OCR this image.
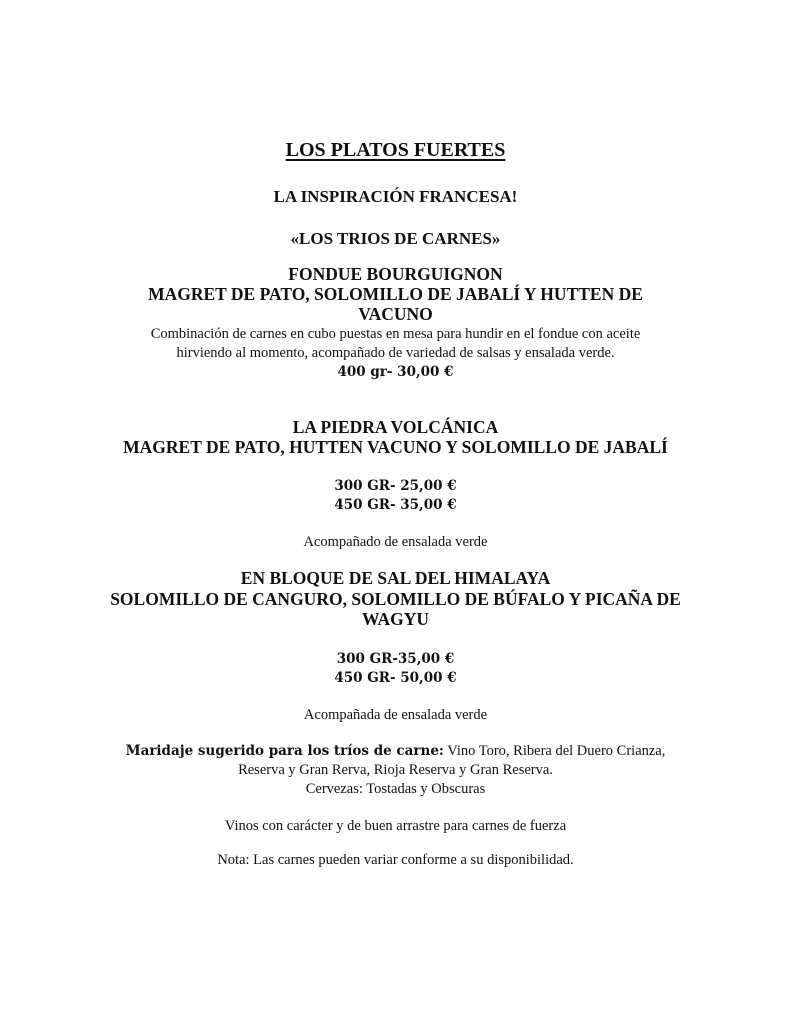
LOS PLATOS FUERTES
LA INSPIRACIÓN FRANCESA!
«LOS TRIOS DE CARNES»
FONDUE BOURGUIGNON
MAGRET DE PATO, SOLOMILLO DE JABALÍ Y HUTTEN DE
VACUNO
Combinación de carnes en cubo puestas en mesa para hundir en el fondue con aceite
hirviendo al momento, acompañado de variedad de salsas y ensalada verde.
400 gr- 30,00 €
LA PIEDRA VOLCÁNICA
MAGRET DE PATO, HUTTEN VACUNO Y SOLOMILLO DE JABALÍ
300 GR- 25,00 €
450 GR- 35,00 €
Acompañado de ensalada verde
EN BLOQUE DE SAL DEL HIMALAYA
SOLOMILLO DE CANGURO, SOLOMILLO DE BÚFALO Y PICAÑA DE
WAGYU
300 GR-35,00 €
450 GR- 50,00 €
Acompañada de ensalada verde
Maridaje sugerido para los tríos de carne: Vino Toro, Ribera del Duero Crianza,
Reserva y Gran Rerva, Rioja Reserva y Gran Reserva.
Cervezas: Tostadas y Obscuras
Vinos con carácter y de buen arrastre para carnes de fuerza
Nota: Las carnes pueden variar conforme a su disponibilidad.
